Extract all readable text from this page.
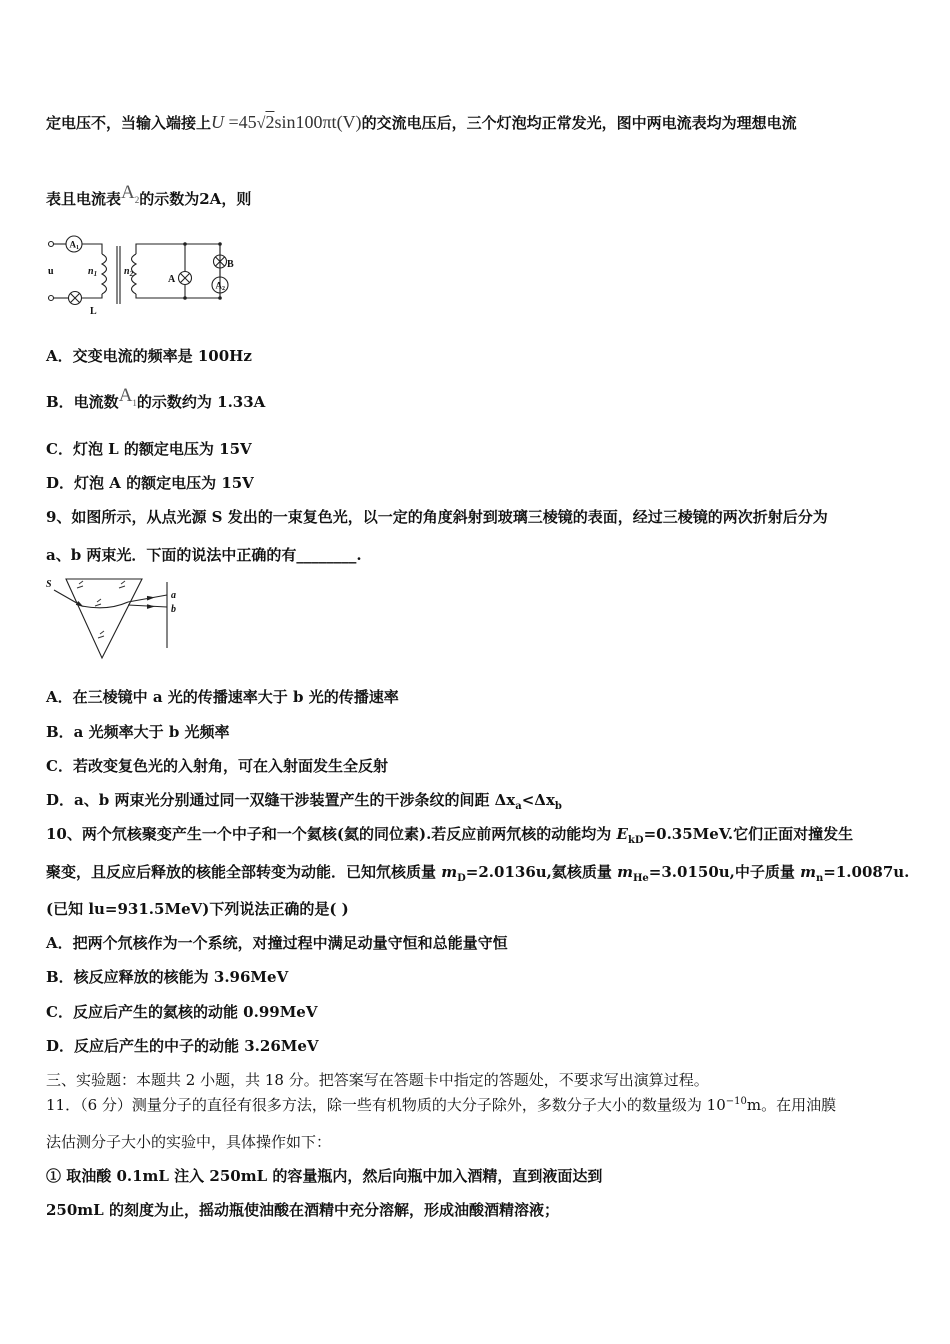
定电压不，当输入端接上U =45√2sin100πt(V)的交流电压后，三个灯泡均正常发光，图中两电流表均为理想电流
表且电流表$A_2$的示数为2A，则
u	$n_1$	$n_2$
L
A
B
A1
A2
A．交变电流的频率是 100Hz
B．电流数$A_1$的示数约为 1.33A
C．灯泡 L 的额定电压为 15V
D．灯泡 A 的额定电压为 15V
9、如图所示，从点光源 S 发出的一束复色光，以一定的角度斜射到玻璃三棱镜的表面，经过三棱镜的两次折射后分为
a、b 两束光．下面的说法中正确的有________.
S
a
b
A．在三棱镜中 a 光的传播速率大于 b 光的传播速率
B．a 光频率大于 b 光频率
C．若改变复色光的入射角，可在入射面发生全反射
D．a、b 两束光分别通过同一双缝干涉装置产生的干涉条纹的间距 $\Delta x_a<\Delta x_b$
10、两个氘核聚变产生一个中子和一个氦核(氦的同位素).若反应前两氘核的动能均为 $E_{kD}=0.35MeV$.它们正面对撞发生
聚变，且反应后释放的核能全部转变为动能．已知氘核质量 $m_D=2.0136u$,氦核质量 $m_{He}=3.0150u$,中子质量 $m_n=1.0087u$.
(已知 lu=931.5MeV)下列说法正确的是( )
A．把两个氘核作为一个系统，对撞过程中满足动量守恒和总能量守恒
B．核反应释放的核能为 3.96MeV
C．反应后产生的氦核的动能 0.99MeV
D．反应后产生的中子的动能 3.26MeV
三、实验题：本题共 2 小题，共 18 分。把答案写在答题卡中指定的答题处，不要求写出演算过程。
11．（6 分）测量分子的直径有很多方法，除一些有机物质的大分子除外，多数分子大小的数量级为 $10^{-10}m$。在用油膜
法估测分子大小的实验中，具体操作如下：
① 取油酸 0.1mL 注入 250mL 的容量瓶内，然后向瓶中加入酒精，直到液面达到
250mL 的刻度为止，摇动瓶使油酸在酒精中充分溶解，形成油酸酒精溶液；
